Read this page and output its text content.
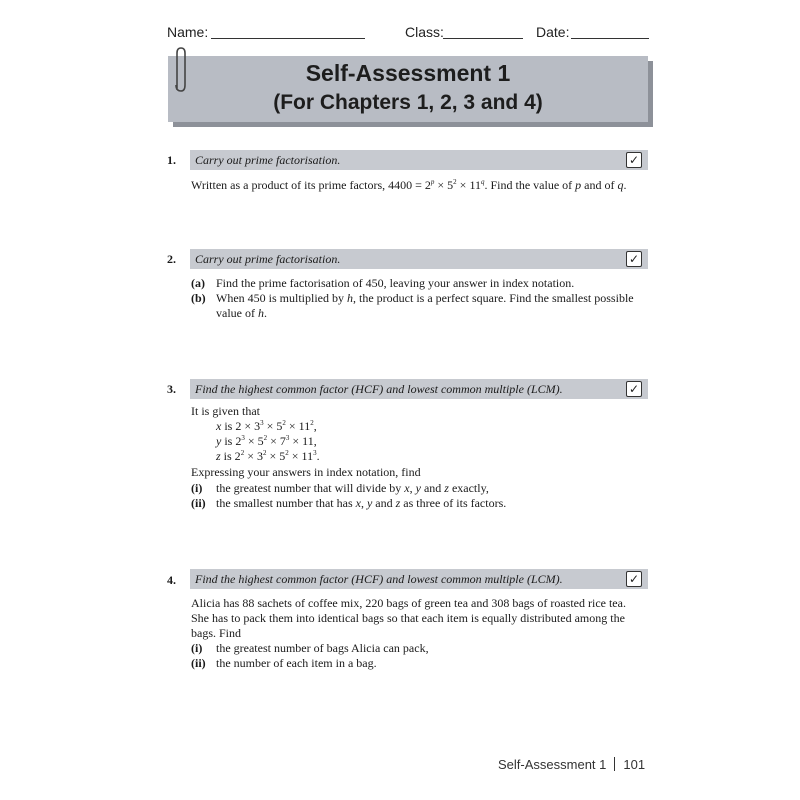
Name:	Class:	Date:
Self-Assessment 1
(For Chapters 1, 2, 3 and 4)
1. Carry out prime factorisation.	✓
Written as a product of its prime factors, $4400 = 2^p \times 5^2 \times 11^q$. Find the value of p and of q.
2. Carry out prime factorisation.	✓
(a) Find the prime factorisation of 450, leaving your answer in index notation.
(b) When 450 is multiplied by h, the product is a perfect square. Find the smallest possible value of h.
3. Find the highest common factor (HCF) and lowest common multiple (LCM).	✓
It is given that
x is $2 \times 3^3 \times 5^2 \times 11^2$,
y is $2^3 \times 5^2 \times 7^3 \times 11$,
z is $2^2 \times 3^2 \times 5^2 \times 11^3$.
Expressing your answers in index notation, find
(i) the greatest number that will divide by x, y and z exactly,
(ii) the smallest number that has x, y and z as three of its factors.
4. Find the highest common factor (HCF) and lowest common multiple (LCM).	✓
Alicia has 88 sachets of coffee mix, 220 bags of green tea and 308 bags of roasted rice tea.
She has to pack them into identical bags so that each item is equally distributed among the
bags. Find
(i) the greatest number of bags Alicia can pack,
(ii) the number of each item in a bag.
Self-Assessment 1 101
